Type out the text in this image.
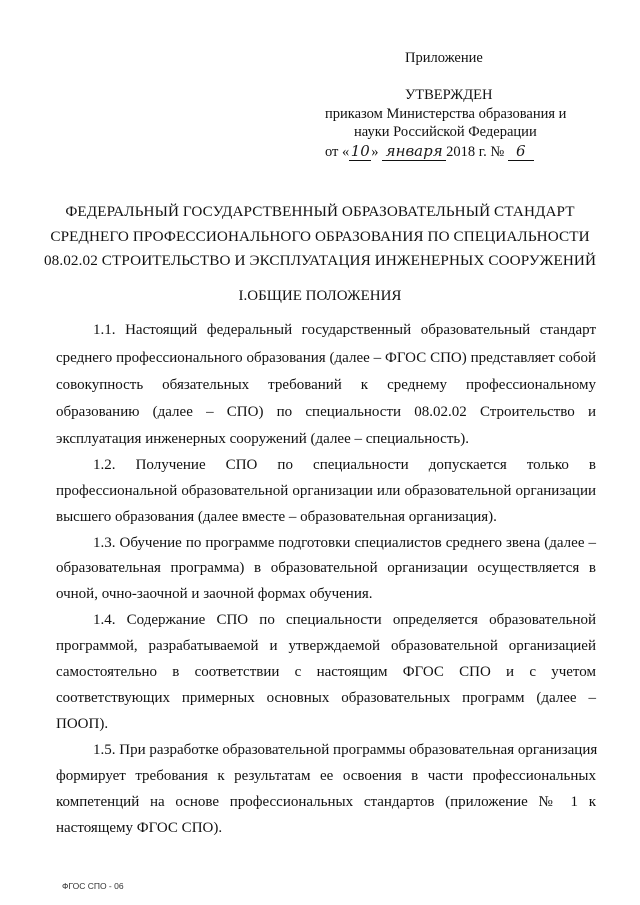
Приложение
УТВЕРЖДЕН
приказом Министерства образования и
науки Российской Федерации
от «10» января 2018 г. № 6
ФЕДЕРАЛЬНЫЙ ГОСУДАРСТВЕННЫЙ ОБРАЗОВАТЕЛЬНЫЙ СТАНДАРТ
СРЕДНЕГО ПРОФЕССИОНАЛЬНОГО ОБРАЗОВАНИЯ ПО СПЕЦИАЛЬНОСТИ
08.02.02 СТРОИТЕЛЬСТВО И ЭКСПЛУАТАЦИЯ ИНЖЕНЕРНЫХ СООРУЖЕНИЙ
I.ОБЩИЕ ПОЛОЖЕНИЯ
1.1. Настоящий федеральный государственный образовательный стандарт
среднего профессионального образования (далее – ФГОС СПО) представляет собой
совокупность обязательных требований к среднему профессиональному
образованию (далее – СПО) по специальности 08.02.02 Строительство и
эксплуатация инженерных сооружений (далее – специальность).
1.2. Получение СПО по специальности допускается только в
профессиональной образовательной организации или образовательной организации
высшего образования (далее вместе – образовательная организация).
1.3. Обучение по программе подготовки специалистов среднего звена (далее –
образовательная программа) в образовательной организации осуществляется в
очной, очно-заочной и заочной формах обучения.
1.4. Содержание СПО по специальности определяется образовательной
программой, разрабатываемой и утверждаемой образовательной организацией
самостоятельно в соответствии с настоящим ФГОС СПО и с учетом
соответствующих примерных основных образовательных программ (далее –
ПООП).
1.5. При разработке образовательной программы образовательная организация
формирует требования к результатам ее освоения в части профессиональных
компетенций на основе профессиональных стандартов (приложение № 1 к
настоящему ФГОС СПО).
ФГОС СПО - 06
